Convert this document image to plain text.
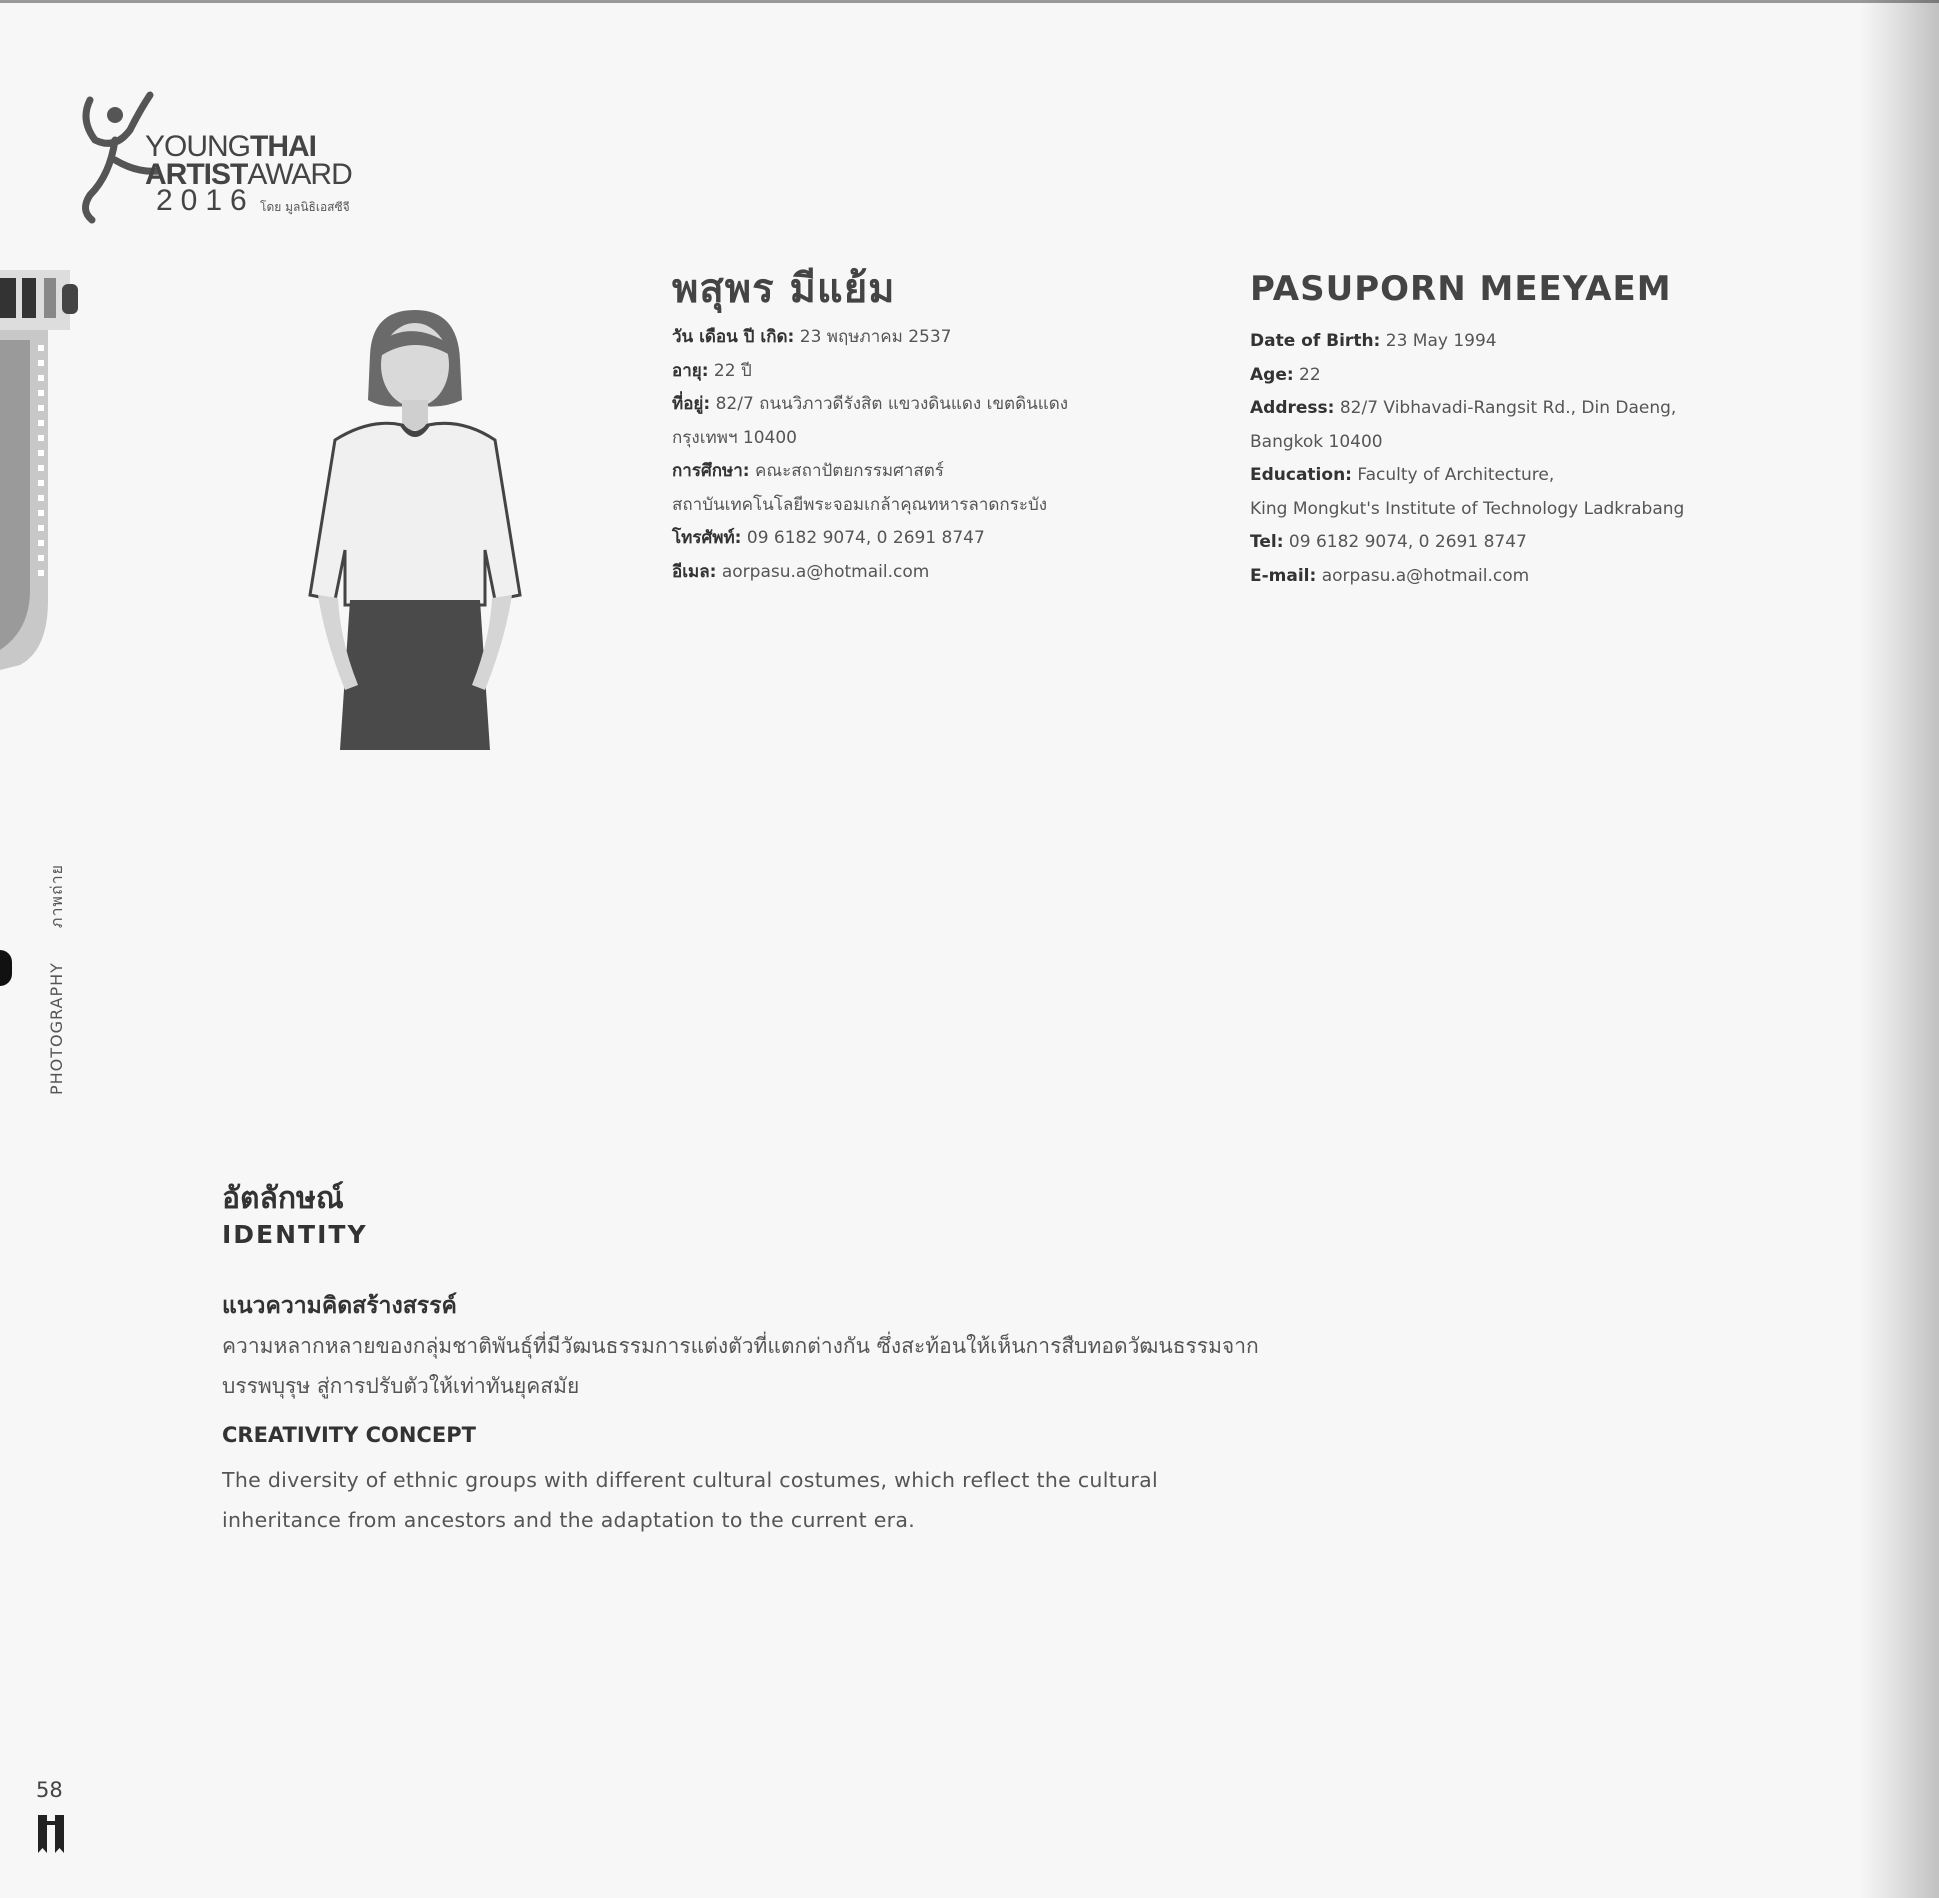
YOUNGTHAI
ARTISTAWARD
2016 โดย มูลนิธิเอสซีจี
พสุพร มีแย้ม
วัน เดือน ปี เกิด: 23 พฤษภาคม 2537
อายุ: 22 ปี
ที่อยู่: 82/7 ถนนวิภาวดีรังสิต แขวงดินแดง เขตดินแดง
กรุงเทพฯ 10400
การศึกษา: คณะสถาปัตยกรรมศาสตร์
สถาบันเทคโนโลยีพระจอมเกล้าคุณทหารลาดกระบัง
โทรศัพท์: 09 6182 9074, 0 2691 8747
อีเมล: aorpasu.a@hotmail.com
PASUPORN MEEYAEM
Date of Birth: 23 May 1994
Age: 22
Address: 82/7 Vibhavadi-Rangsit Rd., Din Daeng,
Bangkok 10400
Education: Faculty of Architecture,
King Mongkut's Institute of Technology Ladkrabang
Tel: 09 6182 9074, 0 2691 8747
E-mail: aorpasu.a@hotmail.com
PHOTOGRAPHYภาพถ่าย
อัตลักษณ์
IDENTITY
แนวความคิดสร้างสรรค์
ความหลากหลายของกลุ่มชาติพันธุ์ที่มีวัฒนธรรมการแต่งตัวที่แตกต่างกัน ซึ่งสะท้อนให้เห็นการสืบทอดวัฒนธรรมจากบรรพบุรุษ สู่การปรับตัวให้เท่าทันยุคสมัย
CREATIVITY CONCEPT
The diversity of ethnic groups with different cultural costumes, which reflect the cultural inheritance from ancestors and the adaptation to the current era.
58
